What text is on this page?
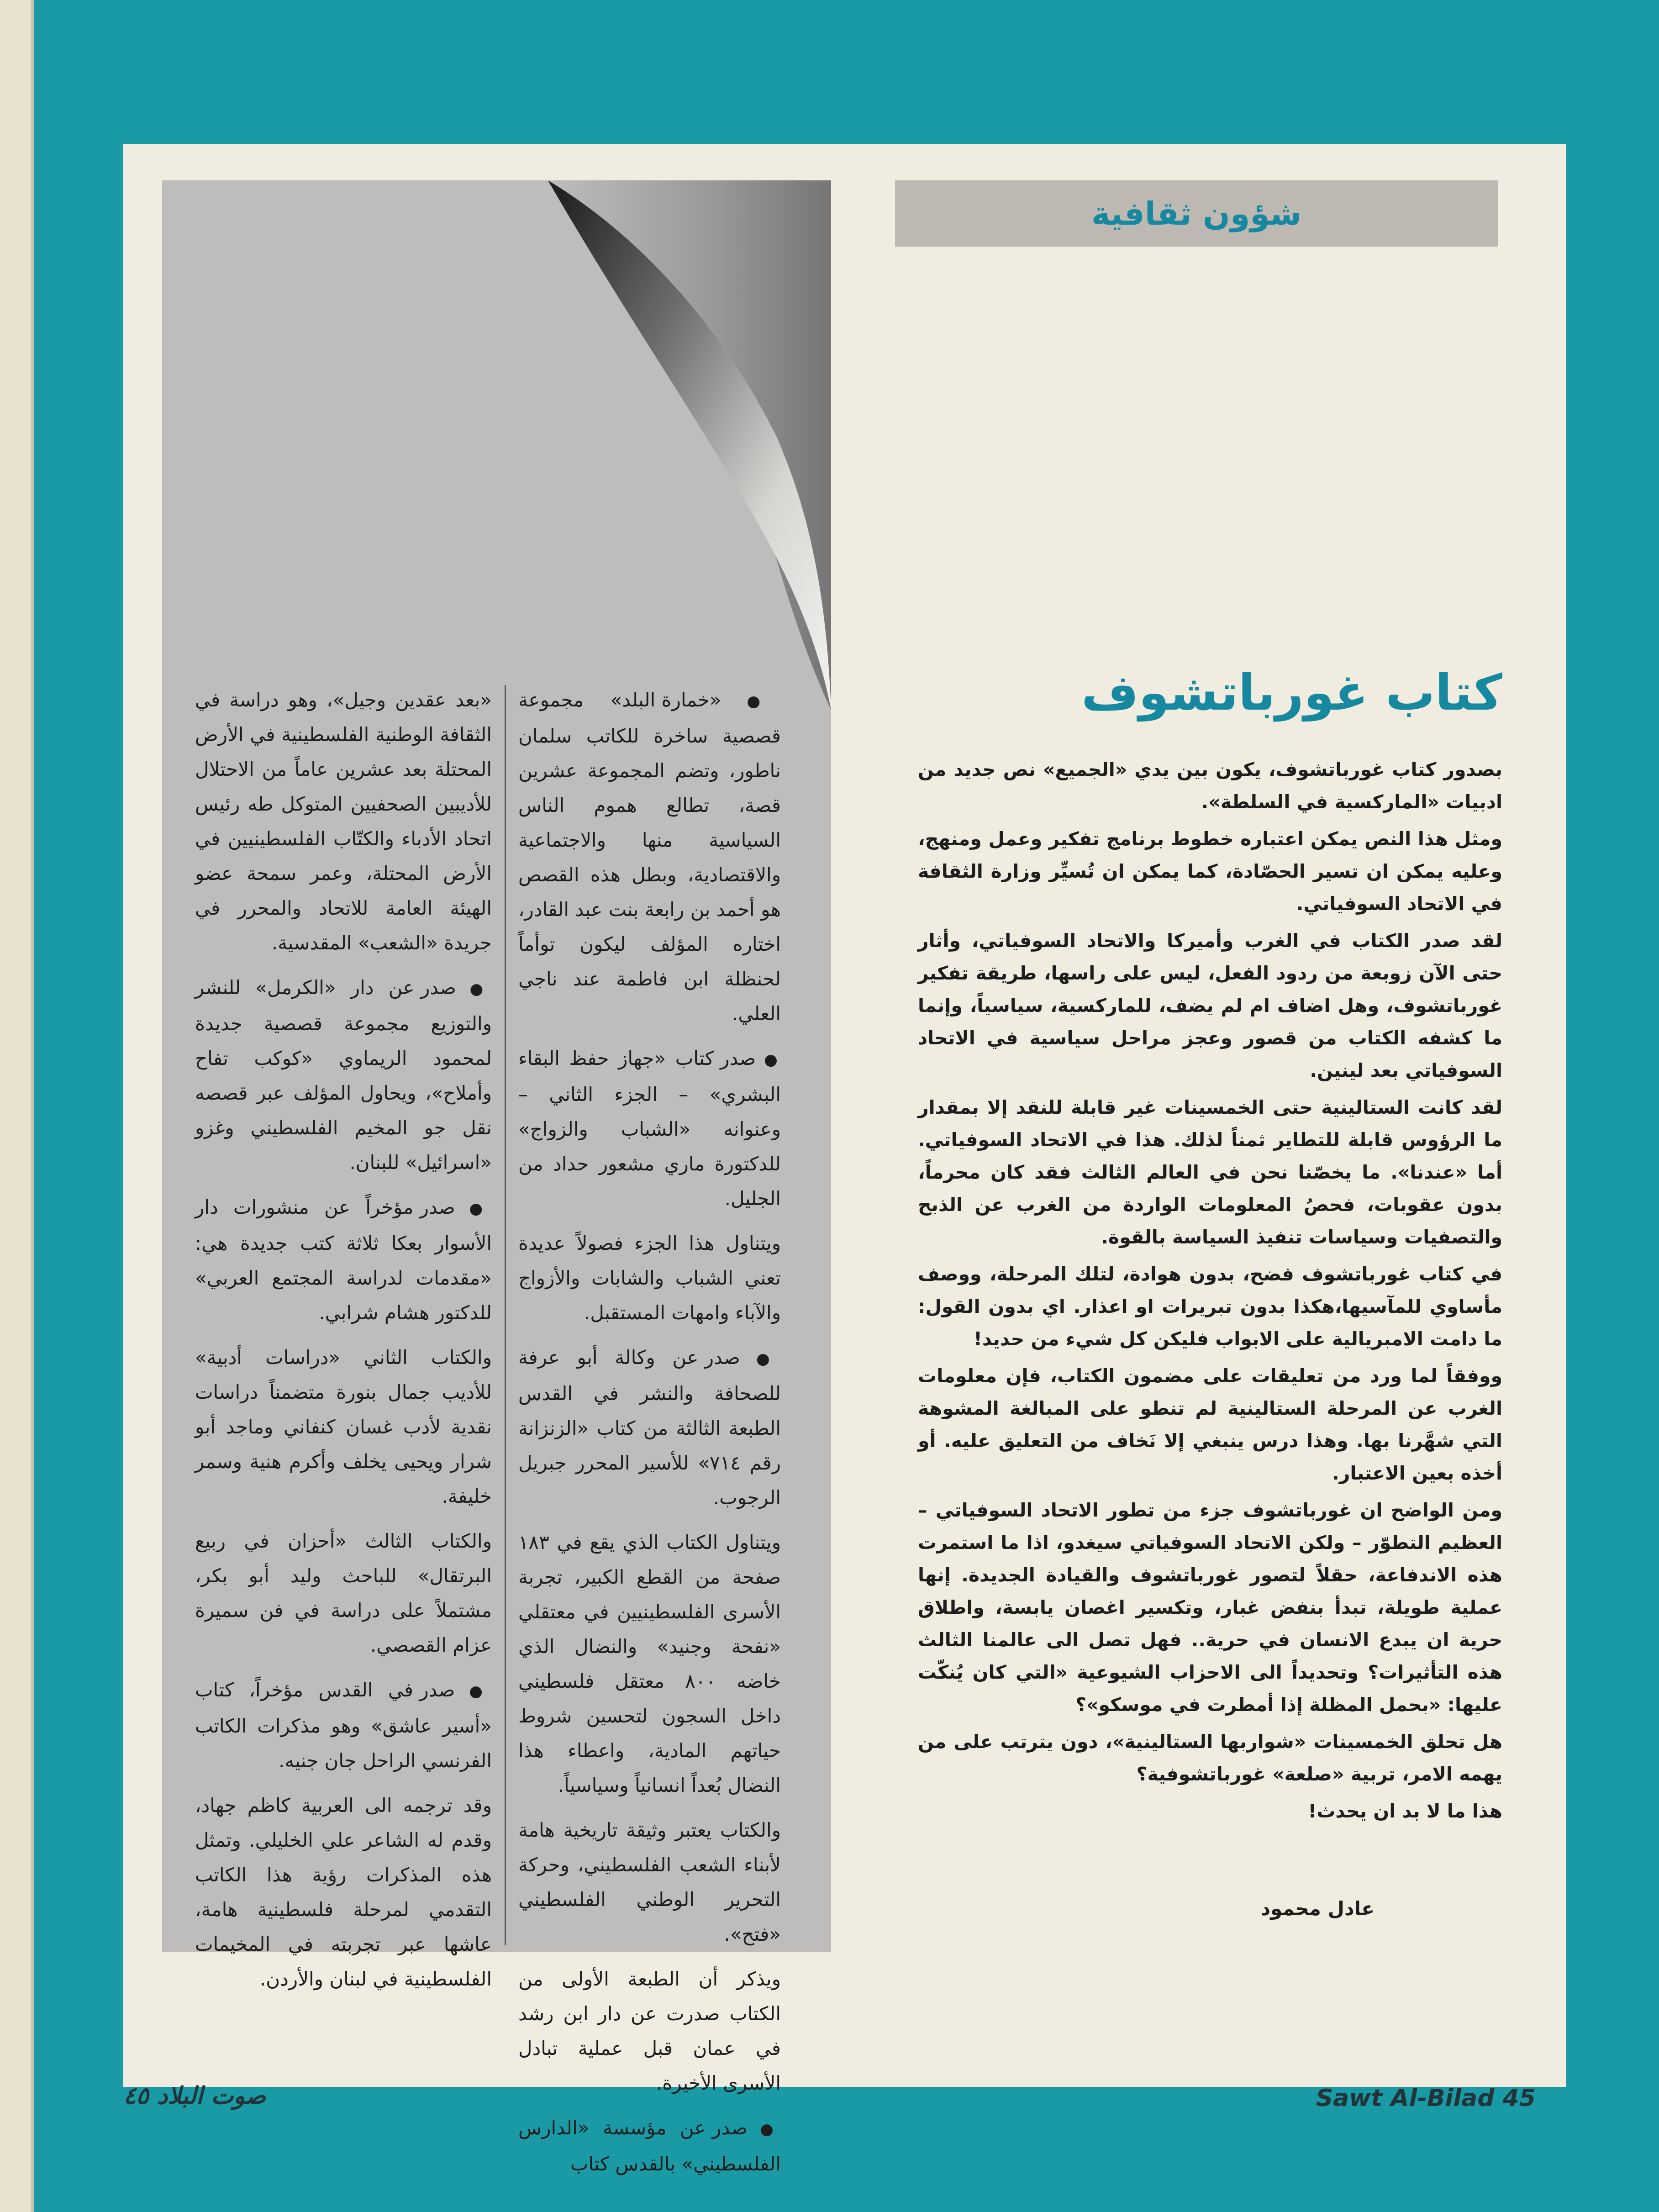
شؤون ثقافية

● «خمارة البلد» مجموعة قصصية ساخرة للكاتب سلمان ناطور، وتضم المجموعة عشرين قصة، تطالع هموم الناس السياسية منها والاجتماعية والاقتصادية، وبطل هذه القصص هو أحمد بن رابعة بنت عبد القادر، اختاره المؤلف ليكون توأماً لحنظلة ابن فاطمة عند ناجي العلي.

● صدر كتاب «جهاز حفظ البقاء البشري» – الجزء الثاني – وعنوانه «الشباب والزواج» للدكتورة ماري مشعور حداد من الجليل.

ويتناول هذا الجزء فصولاً عديدة تعني الشباب والشابات والأزواج والآباء وامهات المستقبل.

● صدر عن وكالة أبو عرفة للصحافة والنشر في القدس الطبعة الثالثة من كتاب «الزنزانة رقم ٧١٤» للأسير المحرر جبريل الرجوب.

ويتناول الكتاب الذي يقع في ١٨٣ صفحة من القطع الكبير، تجربة الأسرى الفلسطينيين في معتقلي «نفحة وجنيد» والنضال الذي خاضه ٨٠٠ معتقل فلسطيني داخل السجون لتحسين شروط حياتهم المادية، واعطاء هذا النضال بُعداً انسانياً وسياسياً.

والكتاب يعتبر وثيقة تاريخية هامة لأبناء الشعب الفلسطيني، وحركة التحرير الوطني الفلسطيني «فتح».

ويذكر أن الطبعة الأولى من الكتاب صدرت عن دار ابن رشد في عمان قبل عملية تبادل الأسرى الأخيرة.

● صدر عن مؤسسة «الدارس الفلسطيني» بالقدس كتاب

«بعد عقدين وجيل»، وهو دراسة في الثقافة الوطنية الفلسطينية في الأرض المحتلة بعد عشرين عاماً من الاحتلال للأديبين الصحفيين المتوكل طه رئيس اتحاد الأدباء والكتّاب الفلسطينيين في الأرض المحتلة، وعمر سمحة عضو الهيئة العامة للاتحاد والمحرر في جريدة «الشعب» المقدسية.

● صدر عن دار «الكرمل» للنشر والتوزيع مجموعة قصصية جديدة لمحمود الريماوي «كوكب تفاح وأملاح»، ويحاول المؤلف عبر قصصه نقل جو المخيم الفلسطيني وغزو «اسرائيل» للبنان.

● صدر مؤخراً عن منشورات دار الأسوار بعكا ثلاثة كتب جديدة هي: «مقدمات لدراسة المجتمع العربي» للدكتور هشام شرابي.

والكتاب الثاني «دراسات أدبية» للأديب جمال بنورة متضمناً دراسات نقدية لأدب غسان كنفاني وماجد أبو شرار ويحيى يخلف وأكرم هنية وسمر خليفة.

والكتاب الثالث «أحزان في ربيع البرتقال» للباحث وليد أبو بكر، مشتملاً على دراسة في فن سميرة عزام القصصي.

● صدر في القدس مؤخراً، كتاب «أسير عاشق» وهو مذكرات الكاتب الفرنسي الراحل جان جنيه.

وقد ترجمه الى العربية كاظم جهاد، وقدم له الشاعر علي الخليلي. وتمثل هذه المذكرات رؤية هذا الكاتب التقدمي لمرحلة فلسطينية هامة، عاشها عبر تجربته في المخيمات الفلسطينية في لبنان والأردن.

كتاب غورباتشوف

بصدور كتاب غورباتشوف، يكون بين يدي «الجميع» نص جديد من ادبيات «الماركسية في السلطة».

ومثل هذا النص يمكن اعتباره خطوط برنامج تفكير وعمل ومنهج، وعليه يمكن ان تسير الحصّادة، كما يمكن ان تُسيِّر وزارة الثقافة في الاتحاد السوفياتي.

لقد صدر الكتاب في الغرب وأميركا والاتحاد السوفياتي، وأثار حتى الآن زوبعة من ردود الفعل، ليس على راسها، طريقة تفكير غورباتشوف، وهل اضاف ام لم يضف، للماركسية، سياسياً، وإنما ما كشفه الكتاب من قصور وعجز مراحل سياسية في الاتحاد السوفياتي بعد لينين.

لقد كانت الستالينية حتى الخمسينات غير قابلة للنقد إلا بمقدار ما الرؤوس قابلة للتطاير ثمناً لذلك. هذا في الاتحاد السوفياتي. أما «عندنا». ما يخصّنا نحن في العالم الثالث فقد كان محرماً، بدون عقوبات، فحصُ المعلومات الواردة من الغرب عن الذبح والتصفيات وسياسات تنفيذ السياسة بالقوة.

في كتاب غورباتشوف فضح، بدون هوادة، لتلك المرحلة، ووصف مأساوي للمآسيها،هكذا بدون تبريرات او اعذار. اي بدون القول: ما دامت الامبريالية على الابواب فليكن كل شيء من حديد!

ووفقاً لما ورد من تعليقات على مضمون الكتاب، فإن معلومات الغرب عن المرحلة الستالينية لم تنطو على المبالغة المشوهة التي شهَّرنا بها. وهذا درس ينبغي إلا نَخاف من التعليق عليه. أو أخذه بعين الاعتبار.

ومن الواضح ان غورباتشوف جزء من تطور الاتحاد السوفياتي – العظيم التطوّر – ولكن الاتحاد السوفياتي سيغدو، اذا ما استمرت هذه الاندفاعة، حقلاً لتصور غورباتشوف والقيادة الجديدة. إنها عملية طويلة، تبدأ بنفض غبار، وتكسير اغصان يابسة، واطلاق حرية ان يبدع الانسان في حرية.. فهل تصل الى عالمنا الثالث هذه التأثيرات؟ وتحديداً الى الاحزاب الشيوعية «التي كان يُنكّت عليها: «بحمل المظلة إذا أمطرت في موسكو»؟

هل تحلق الخمسينات «شواربها الستالينية»، دون يترتب على من يهمه الامر، تربية «صلعة» غورباتشوفية؟

هذا ما لا بد ان يحدث!

عادل محمود
صوت البلاد ٤٥	Sawt Al-Bilad 45
